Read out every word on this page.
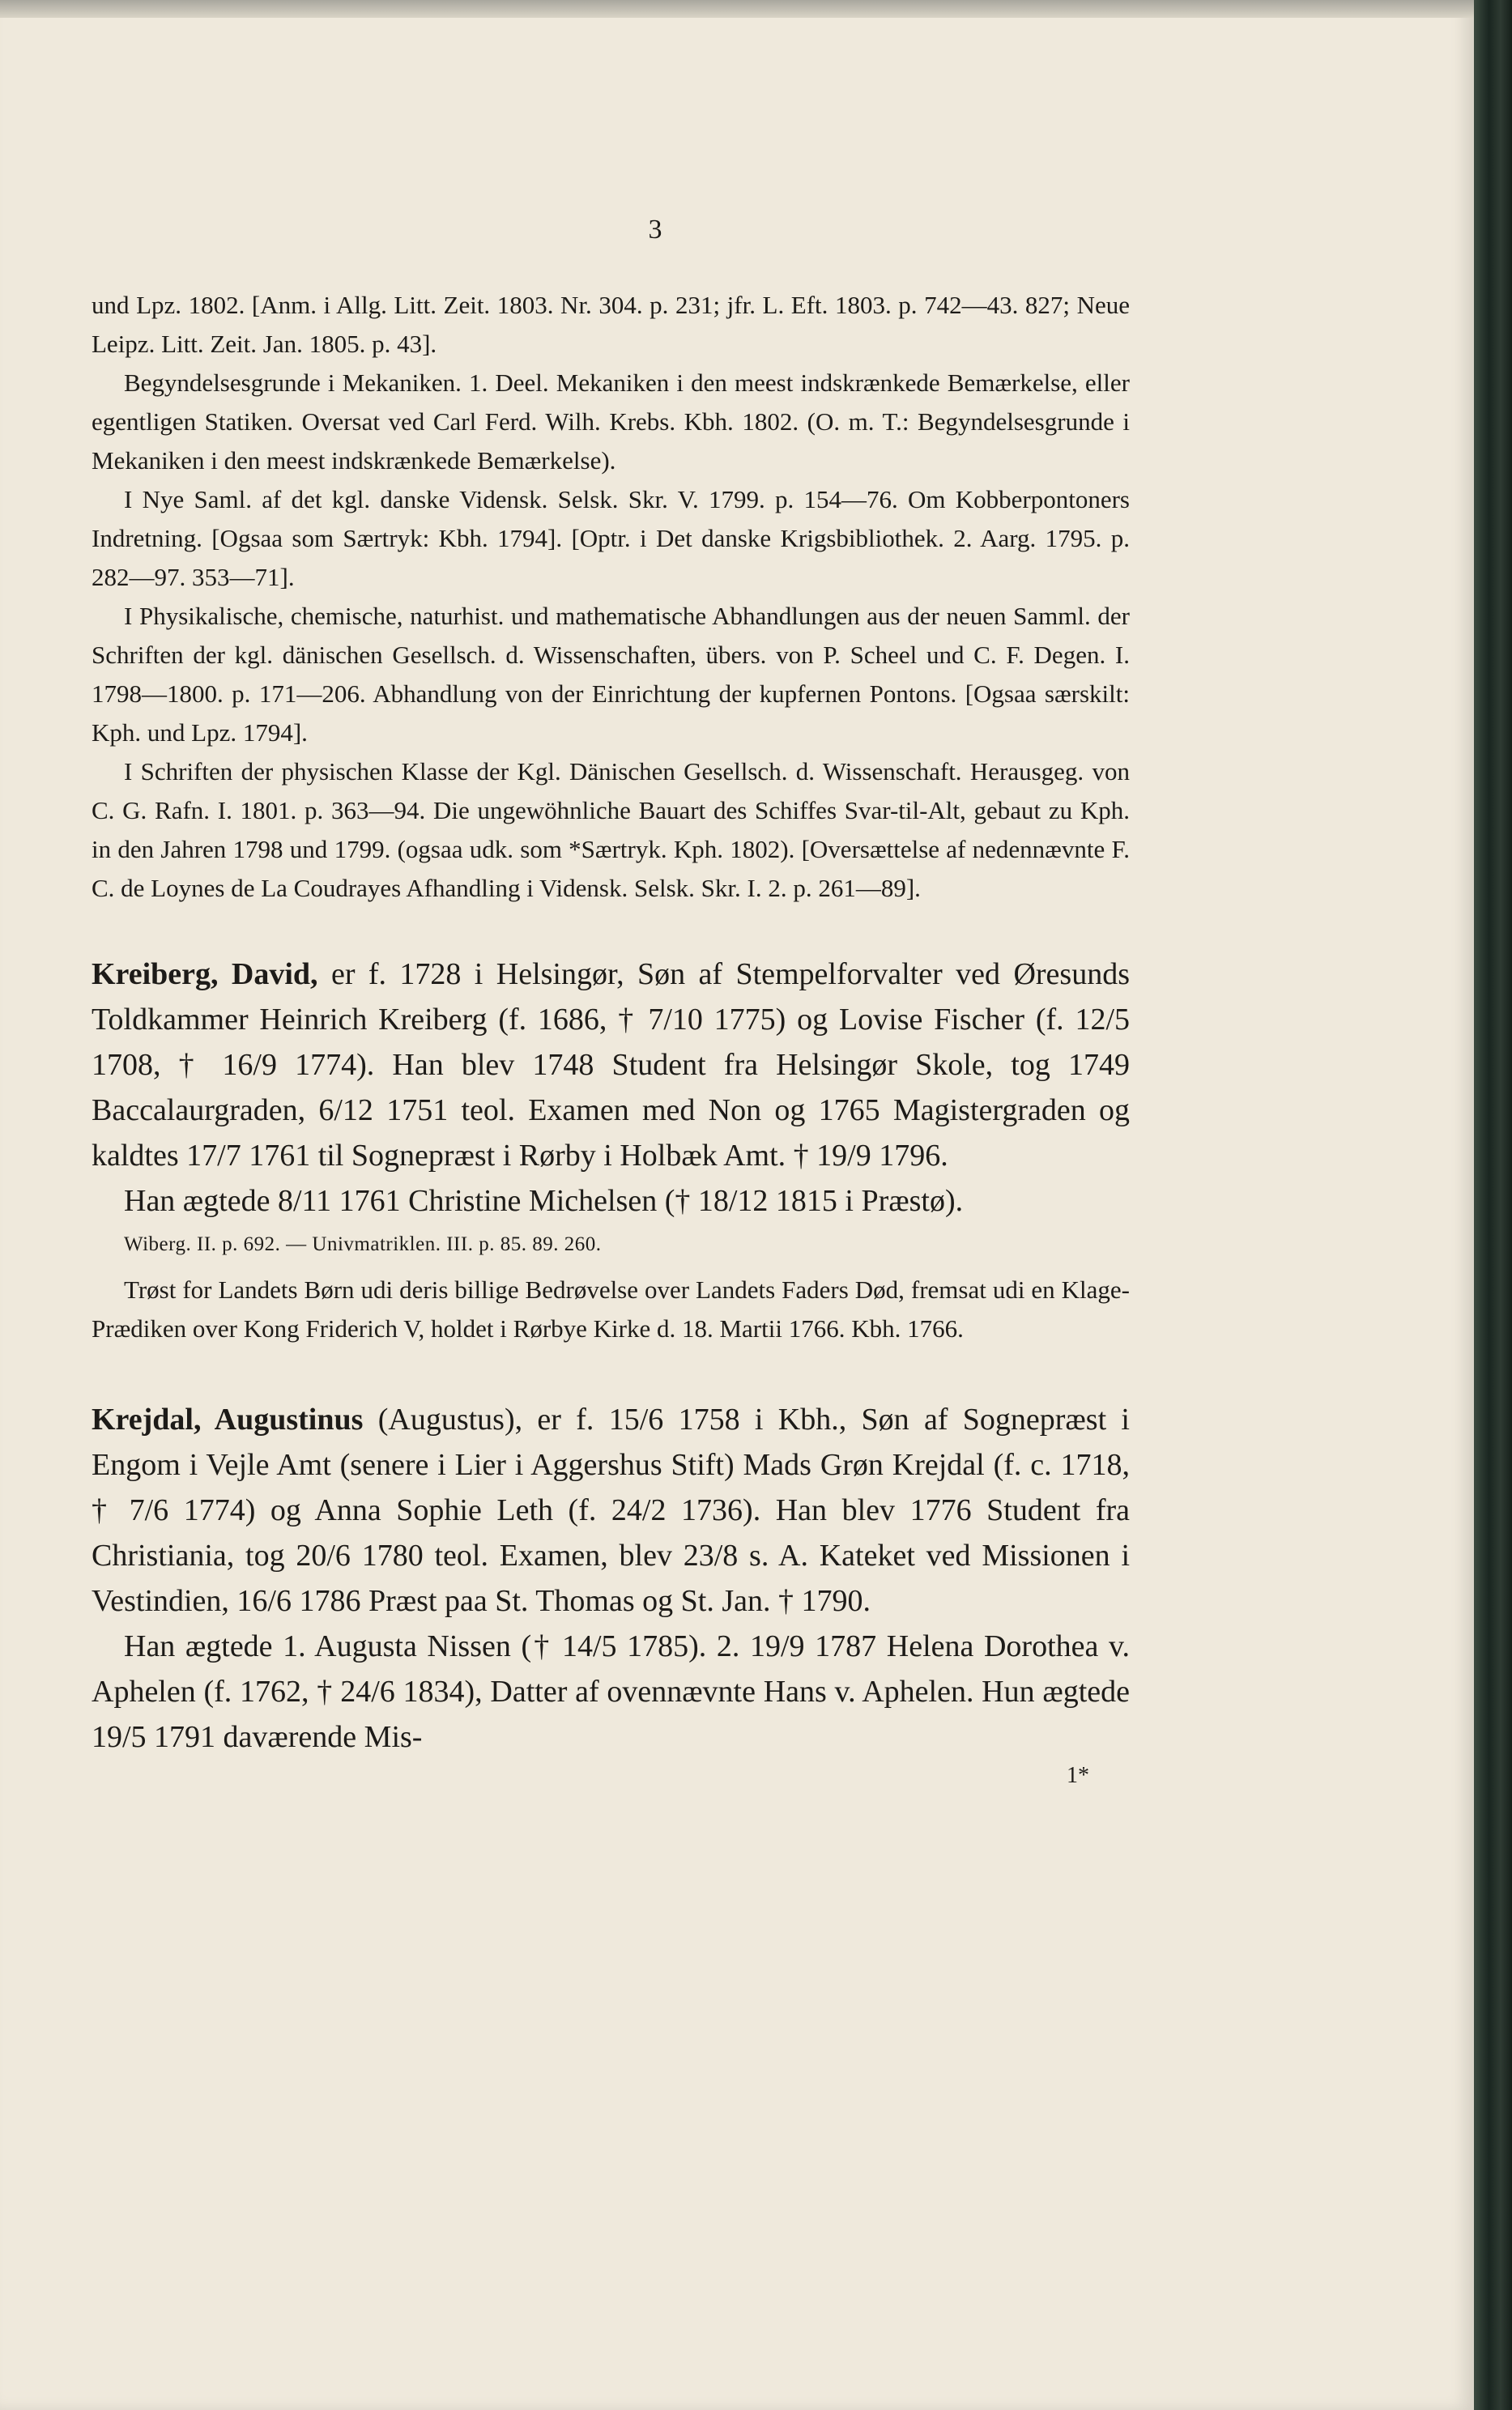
3

und Lpz. 1802. [Anm. i Allg. Litt. Zeit. 1803. Nr. 304. p. 231; jfr. L. Eft. 1803. p. 742—43. 827; Neue Leipz. Litt. Zeit. Jan. 1805. p. 43].

Begyndelsesgrunde i Mekaniken. 1. Deel. Mekaniken i den meest indskrænkede Bemærkelse, eller egentligen Statiken. Oversat ved Carl Ferd. Wilh. Krebs. Kbh. 1802. (O. m. T.: Begyndelsesgrunde i Mekaniken i den meest indskrænkede Bemærkelse).

I Nye Saml. af det kgl. danske Vidensk. Selsk. Skr. V. 1799. p. 154—76. Om Kobberpontoners Indretning. [Ogsaa som Særtryk: Kbh. 1794]. [Optr. i Det danske Krigsbibliothek. 2. Aarg. 1795. p. 282—97. 353—71].

I Physikalische, chemische, naturhist. und mathematische Abhandlungen aus der neuen Samml. der Schriften der kgl. dänischen Gesellsch. d. Wissenschaften, übers. von P. Scheel und C. F. Degen. I. 1798—1800. p. 171—206. Abhandlung von der Einrichtung der kupfernen Pontons. [Ogsaa særskilt: Kph. und Lpz. 1794].

I Schriften der physischen Klasse der Kgl. Dänischen Gesellsch. d. Wissenschaft. Herausgeg. von C. G. Rafn. I. 1801. p. 363—94. Die ungewöhnliche Bauart des Schiffes Svar-til-Alt, gebaut zu Kph. in den Jahren 1798 und 1799. (ogsaa udk. som *Særtryk. Kph. 1802). [Oversættelse af nedennævnte F. C. de Loynes de La Coudrayes Afhandling i Vidensk. Selsk. Skr. I. 2. p. 261—89].

Kreiberg, David, er f. 1728 i Helsingør, Søn af Stempelforvalter ved Øresunds Toldkammer Heinrich Kreiberg (f. 1686, † 7/10 1775) og Lovise Fischer (f. 12/5 1708, † 16/9 1774). Han blev 1748 Student fra Helsingør Skole, tog 1749 Baccalaurgraden, 6/12 1751 teol. Examen med Non og 1765 Magistergraden og kaldtes 17/7 1761 til Sognepræst i Rørby i Holbæk Amt. † 19/9 1796.

Han ægtede 8/11 1761 Christine Michelsen († 18/12 1815 i Præstø).

Wiberg. II. p. 692. — Univmatriklen. III. p. 85. 89. 260.

Trøst for Landets Børn udi deris billige Bedrøvelse over Landets Faders Død, fremsat udi en Klage-Prædiken over Kong Friderich V, holdet i Rørbye Kirke d. 18. Martii 1766. Kbh. 1766.

Krejdal, Augustinus (Augustus), er f. 15/6 1758 i Kbh., Søn af Sognepræst i Engom i Vejle Amt (senere i Lier i Aggershus Stift) Mads Grøn Krejdal (f. c. 1718, † 7/6 1774) og Anna Sophie Leth (f. 24/2 1736). Han blev 1776 Student fra Christiania, tog 20/6 1780 teol. Examen, blev 23/8 s. A. Kateket ved Missionen i Vestindien, 16/6 1786 Præst paa St. Thomas og St. Jan. † 1790.

Han ægtede 1. Augusta Nissen († 14/5 1785). 2. 19/9 1787 Helena Dorothea v. Aphelen (f. 1762, † 24/6 1834), Datter af ovennævnte Hans v. Aphelen. Hun ægtede 19/5 1791 daværende Mis-

1*
